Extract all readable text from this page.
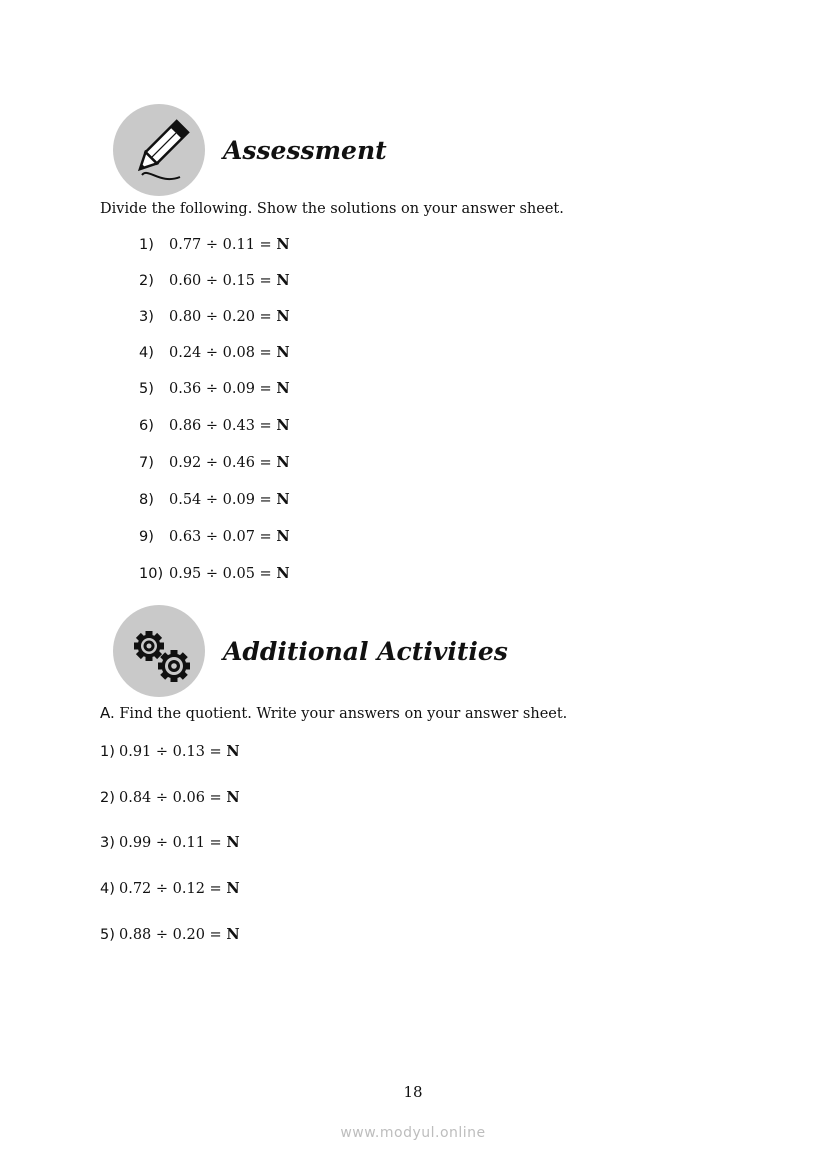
Assessment
Divide the following. Show the solutions on your answer sheet.
1) 0.77 ÷ 0.11 = N
2) 0.60 ÷ 0.15 = N
3) 0.80 ÷ 0.20 = N
4) 0.24 ÷ 0.08 = N
5) 0.36 ÷ 0.09 = N
6) 0.86 ÷ 0.43 = N
7) 0.92 ÷ 0.46 = N
8) 0.54 ÷ 0.09 = N
9) 0.63 ÷ 0.07 = N
10) 0.95 ÷ 0.05 = N
Additional Activities
A. Find the quotient. Write your answers on your answer sheet.
1) 0.91 ÷ 0.13 = N
2) 0.84 ÷ 0.06 = N
3) 0.99 ÷ 0.11 = N
4) 0.72 ÷ 0.12 = N
5) 0.88 ÷ 0.20 = N
18
www.modyul.online
